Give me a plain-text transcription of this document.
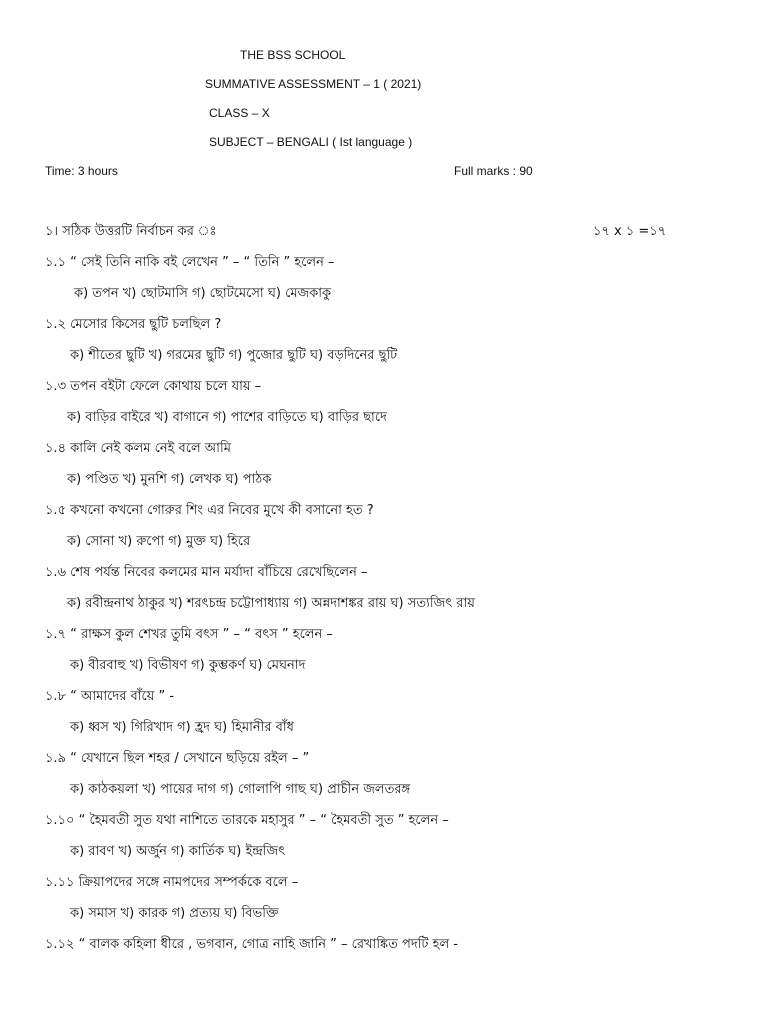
THE BSS SCHOOL
SUMMATIVE ASSESSMENT – 1 ( 2021)
CLASS – X
SUBJECT – BENGALI ( Ist language )
Time: 3 hours	Full marks : 90
১। সঠিক উত্তরটি নির্বাচন কর ঃ	১৭ x ১ =১৭
১.১ “ সেই তিনি নাকি বই লেখেন ” – “ তিনি ” হলেন –
ক) তপন খ) ছোটমাসি গ) ছোটমেসো ঘ) মেজকাকু
১.২ মেসোর কিসের ছুটি চলছিল ?
ক) শীতের ছুটি খ) গরমের ছুটি গ) পুজোর ছুটি ঘ) বড়দিনের ছুটি
১.৩ তপন বইটা ফেলে কোথায় চলে যায় –
ক) বাড়ির বাইরে খ) বাগানে গ) পাশের বাড়িতে ঘ) বাড়ির ছাদে
১.৪ কালি নেই কলম নেই বলে আমি
ক) পণ্ডিত খ) মুনশি গ) লেখক ঘ) পাঠক
১.৫ কখনো কখনো গোরুর শিং এর নিবের মুখে কী বসানো হত ?
ক) সোনা খ) রুপো গ) মুক্ত ঘ) হিরে
১.৬ শেষ পর্যন্ত নিবের কলমের মান মর্যাদা বাঁচিয়ে রেখেছিলেন –
ক) রবীন্দ্রনাথ ঠাকুর খ) শরৎচন্দ্র চট্টোপাধ্যায় গ) অন্নদাশঙ্কর রায় ঘ) সত্যজিৎ রায়
১.৭ “ রাক্ষস কুল শেখর তুমি বৎস ” – “ বৎস ” হলেন –
ক) বীরবাহু খ) বিভীষণ গ) কুম্ভকর্ণ ঘ) মেঘনাদ
১.৮ “ আমাদের বাঁয়ে ” -
ক) ধ্বস খ) গিরিখাদ গ) হ্রদ ঘ) হিমানীর বাঁধ
১.৯ “ যেখানে ছিল শহর / সেখানে ছড়িয়ে রইল – ”
ক) কাঠকয়লা খ) পায়ের দাগ গ) গোলাপি গাছ ঘ) প্রাচীন জলতরঙ্গ
১.১০ “ হৈমবতী সুত যথা নাশিতে তারকে মহাসুর ” – “ হৈমবতী সুত ” হলেন –
ক) রাবণ খ) অর্জুন গ) কার্তিক ঘ) ইন্দ্রজিৎ
১.১১ ক্রিয়াপদের সঙ্গে নামপদের সম্পর্ককে বলে –
ক) সমাস খ) কারক গ) প্রত্যয় ঘ) বিভক্তি
১.১২ “ বালক কহিলা ধীরে , ভগবান, গোত্র নাহি জানি ” – রেখাঙ্কিত পদটি হল -
